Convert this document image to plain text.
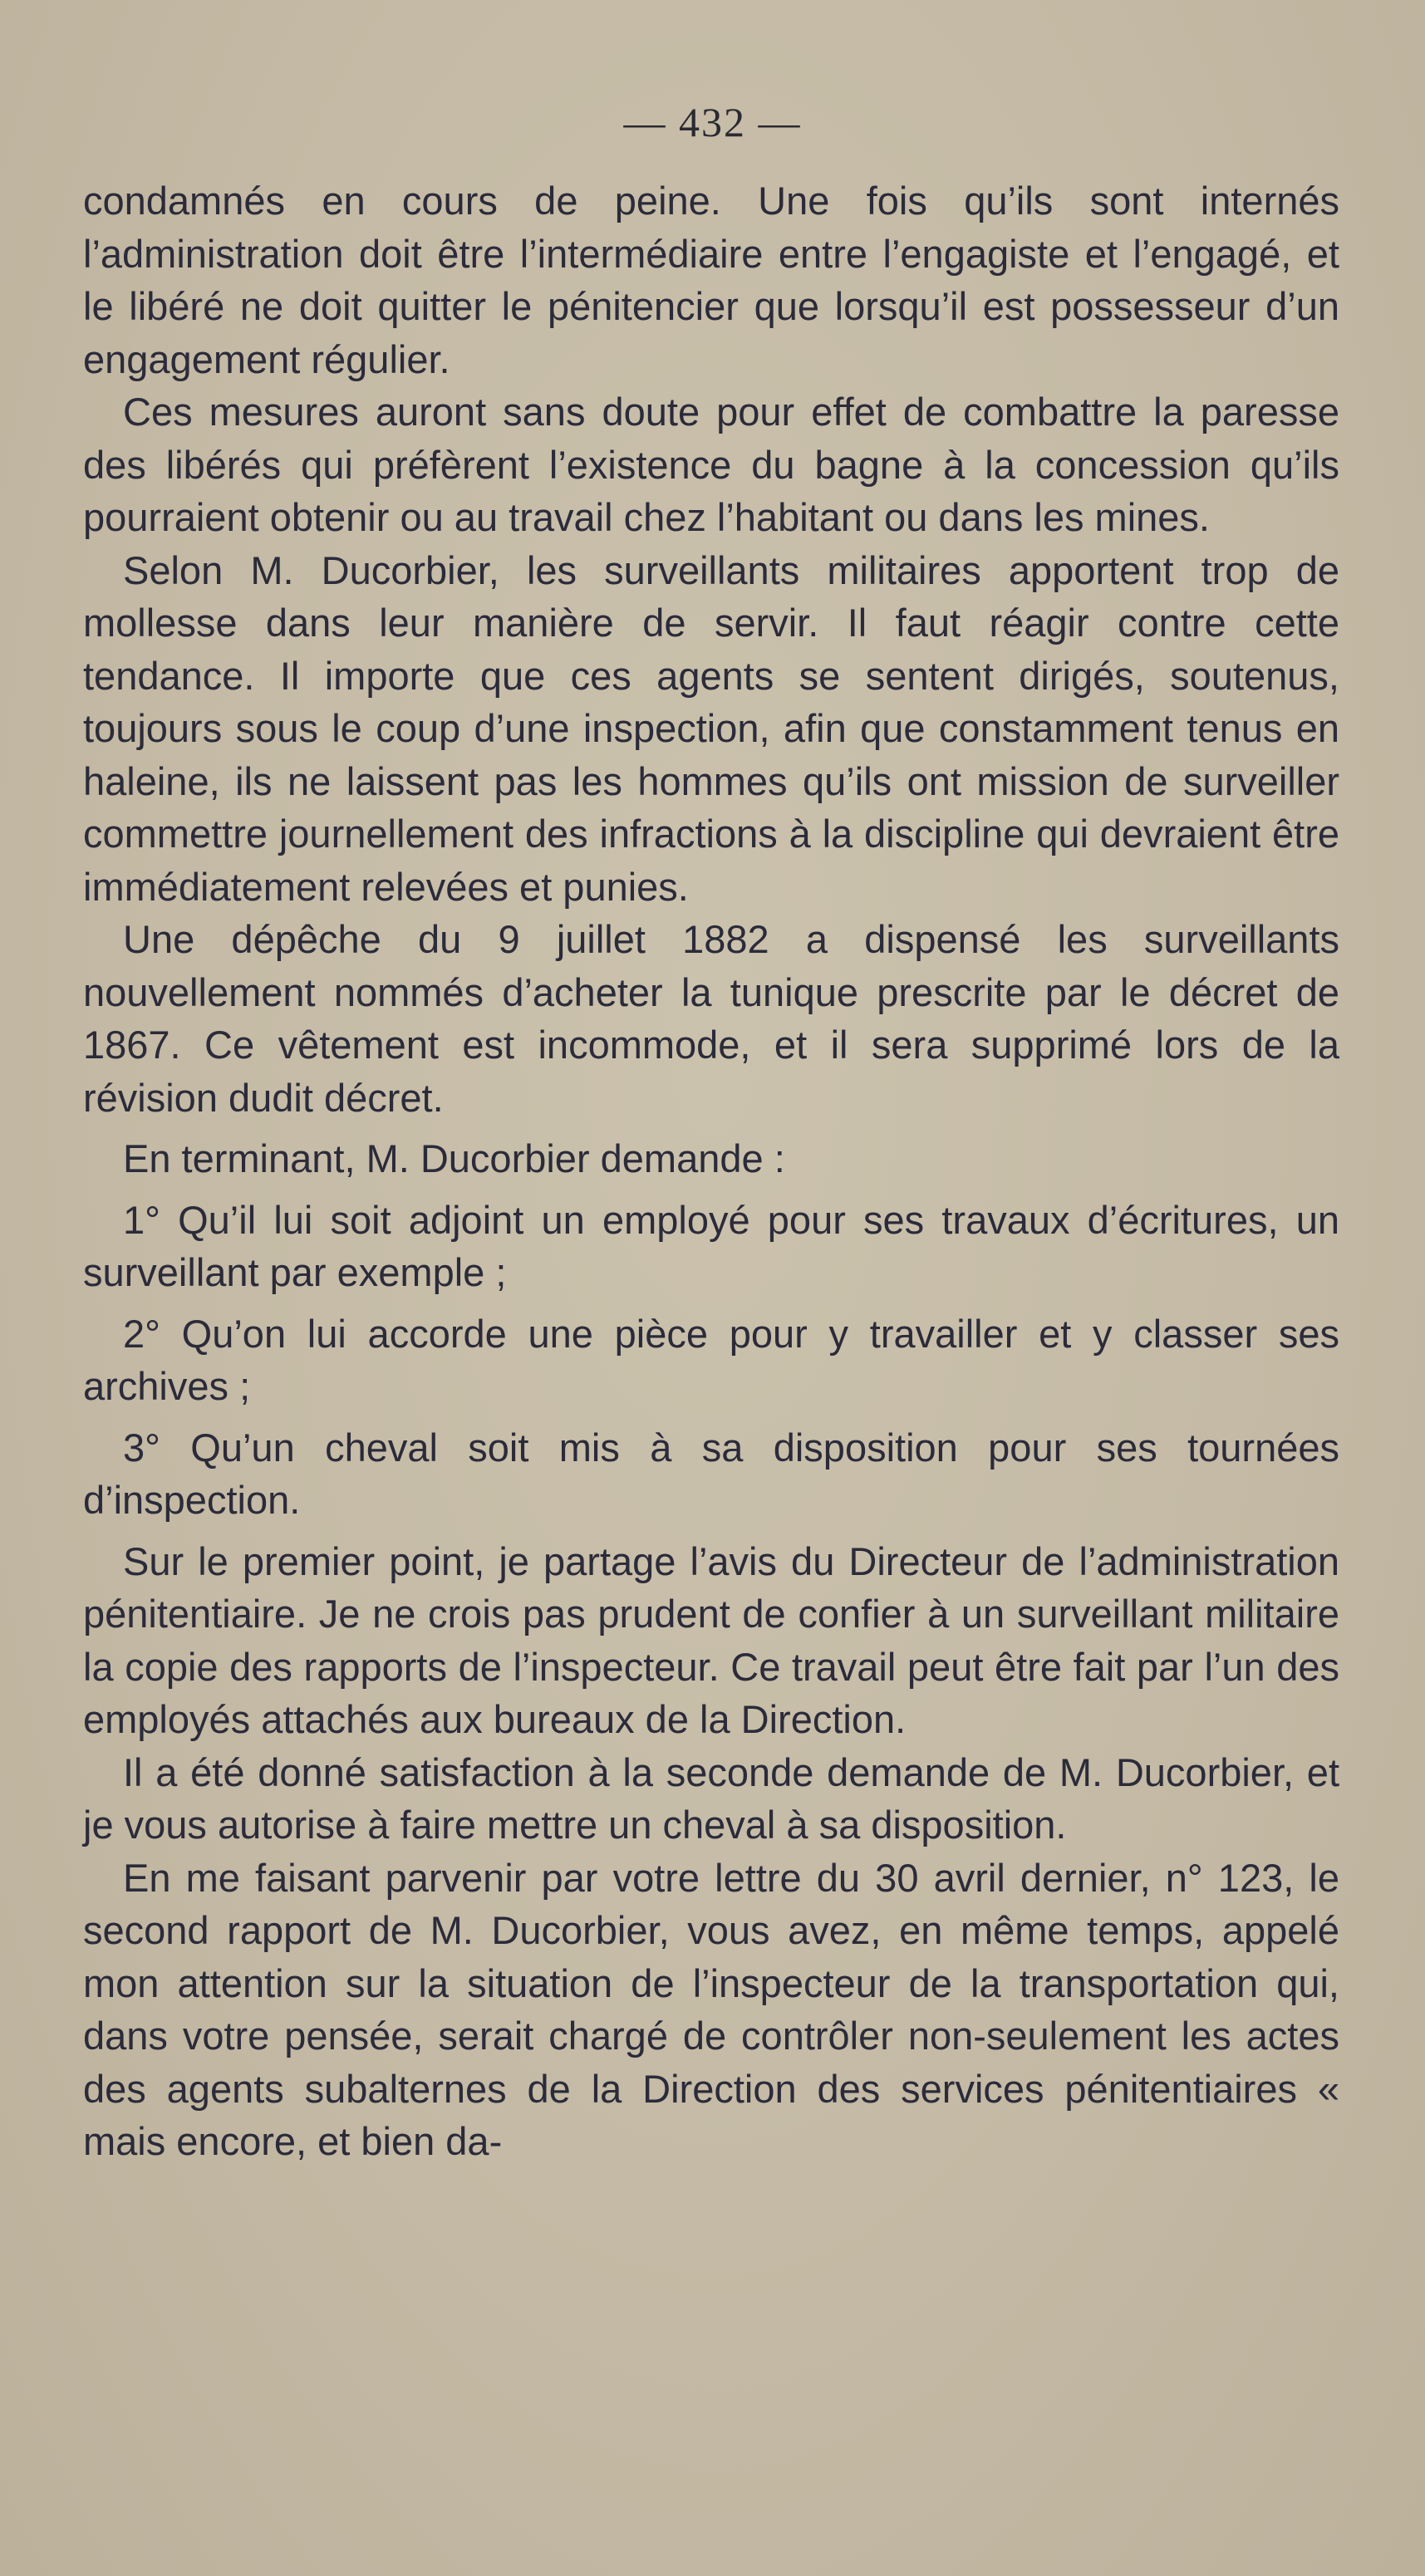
— 432 —

condamnés en cours de peine. Une fois qu’ils sont internés l’administration doit être l’intermédiaire entre l’engagiste et l’engagé, et le libéré ne doit quitter le pénitencier que lorsqu’il est possesseur d’un engagement régulier.

Ces mesures auront sans doute pour effet de combattre la paresse des libérés qui préfèrent l’existence du bagne à la concession qu’ils pourraient obtenir ou au travail chez l’habitant ou dans les mines.

Selon M. Ducorbier, les surveillants militaires apportent trop de mollesse dans leur manière de servir. Il faut réagir contre cette tendance. Il importe que ces agents se sentent dirigés, soutenus, toujours sous le coup d’une inspection, afin que constamment tenus en haleine, ils ne laissent pas les hommes qu’ils ont mission de surveiller commettre journellement des infractions à la discipline qui devraient être immédiatement relevées et punies.

Une dépêche du 9 juillet 1882 a dispensé les surveillants nouvellement nommés d’acheter la tunique prescrite par le décret de 1867. Ce vêtement est incommode, et il sera supprimé lors de la révision dudit décret.

En terminant, M. Ducorbier demande :

1° Qu’il lui soit adjoint un employé pour ses travaux d’écritures, un surveillant par exemple ;

2° Qu’on lui accorde une pièce pour y travailler et y classer ses archives ;

3° Qu’un cheval soit mis à sa disposition pour ses tournées d’inspection.

Sur le premier point, je partage l’avis du Directeur de l’administration pénitentiaire. Je ne crois pas prudent de confier à un surveillant militaire la copie des rapports de l’inspecteur. Ce travail peut être fait par l’un des employés attachés aux bureaux de la Direction.

Il a été donné satisfaction à la seconde demande de M. Ducorbier, et je vous autorise à faire mettre un cheval à sa disposition.

En me faisant parvenir par votre lettre du 30 avril dernier, n° 123, le second rapport de M. Ducorbier, vous avez, en même temps, appelé mon attention sur la situation de l’inspecteur de la transportation qui, dans votre pensée, serait chargé de contrôler non-seulement les actes des agents subalternes de la Direction des services pénitentiaires « mais encore, et bien da-
